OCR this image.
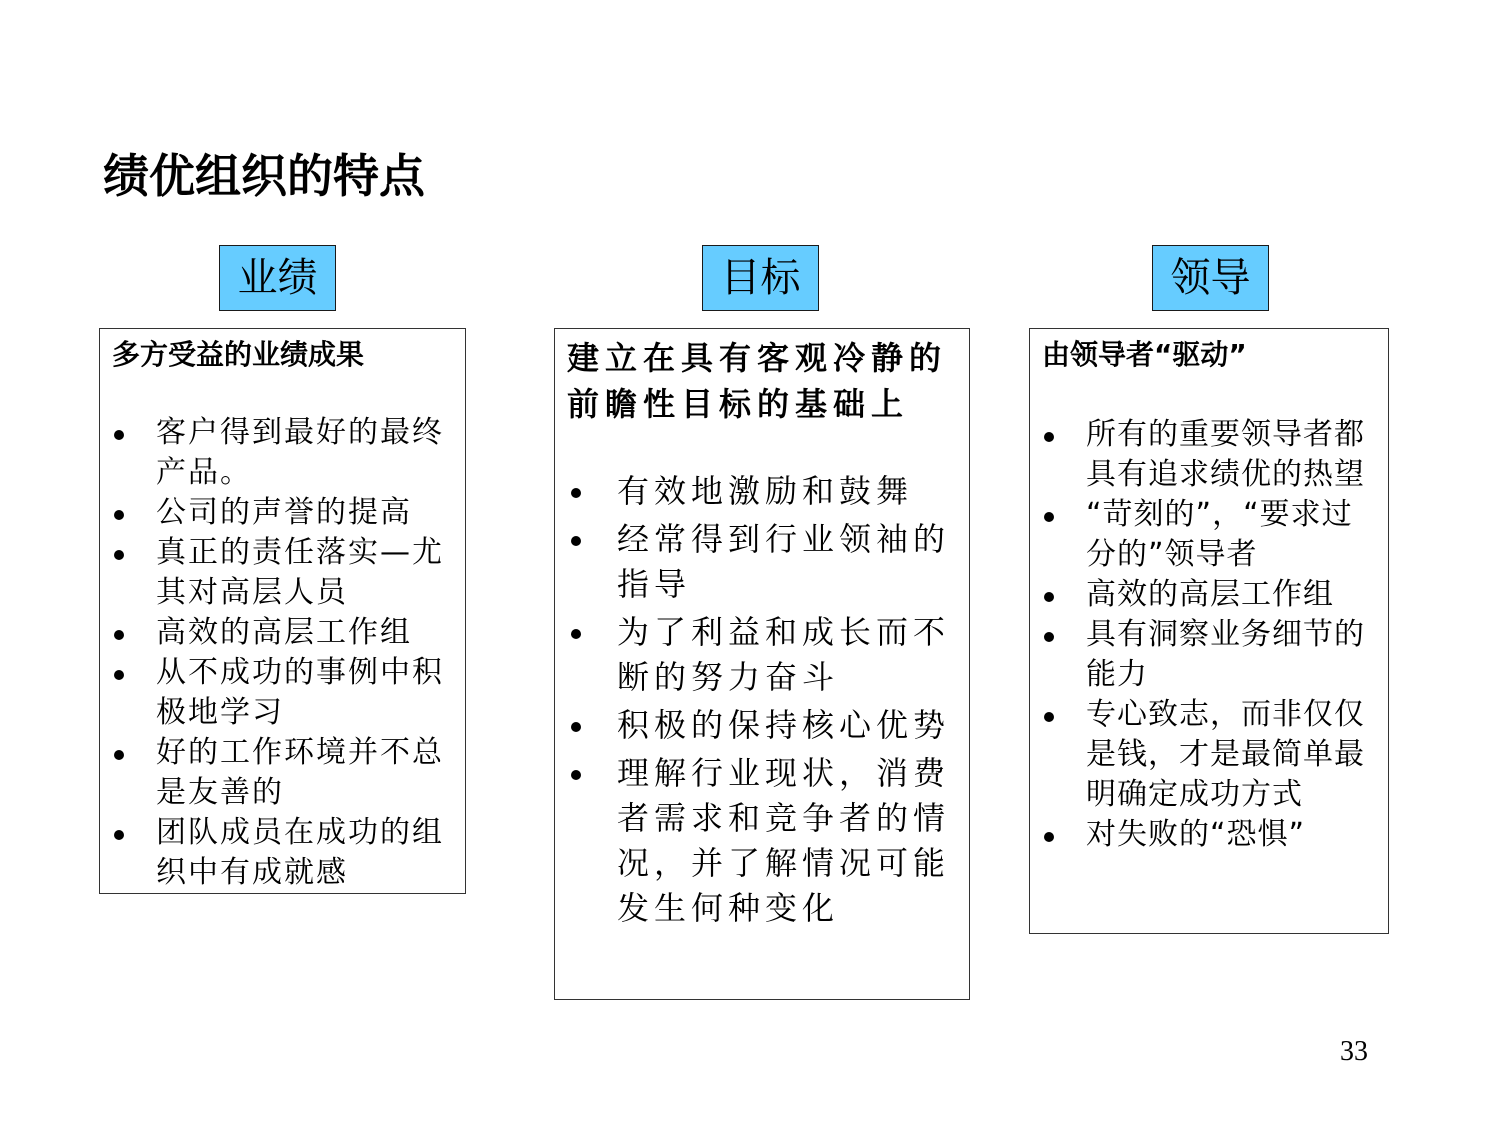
绩优组织的特点
业绩	目标	领导
多方受益的业绩成果
客户得到最好的最终产品。
公司的声誉的提高
真正的责任落实—尤其对高层人员
高效的高层工作组
从不成功的事例中积极地学习
好的工作环境并不总是友善的
团队成员在成功的组织中有成就感
建立在具有客观冷静的前瞻性目标的基础上
有效地激励和鼓舞
经常得到行业领袖的指导
为了利益和成长而不断的努力奋斗
积极的保持核心优势
理解行业现状，消费者需求和竞争者的情况，并了解情况可能发生何种变化
由领导者“驱动”
所有的重要领导者都具有追求绩优的热望
“苛刻的”，“要求过分的”领导者
高效的高层工作组
具有洞察业务细节的能力
专心致志，而非仅仅是钱，才是最简单最明确定成功方式
对失败的“恐惧”
33
